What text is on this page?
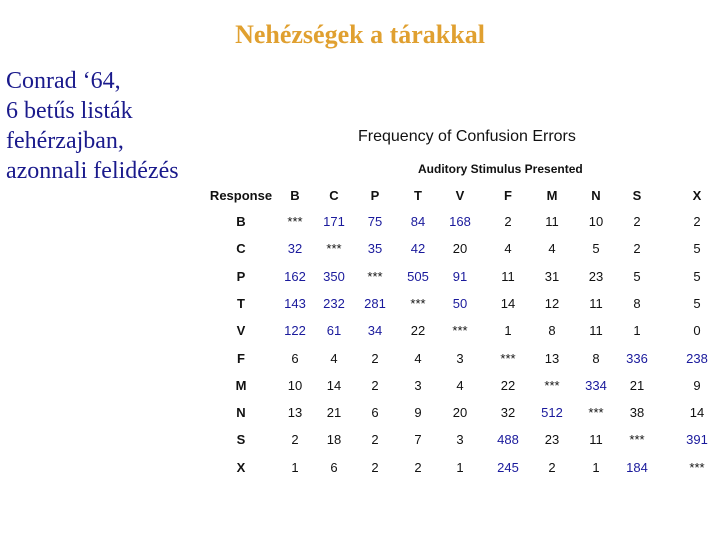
Nehézségek a tárakkal
Conrad ‘64,
6 betűs listák
fehérzajban,
azonnali felidézés
Frequency of Confusion Errors
Auditory Stimulus Presented
Response B C P	T	V	F	M	N S	X
B	*** 171 75 84 168	2	11 10 2	2
C	32 *** 35 42 20	4	4	5	2	5
P	162 350 *** 505 91	11 31 23 5	5
T	143 232 281 *** 50	14 12 11 8	5
V	122 61 34 22 ***	1	8	11 1	0
F	6 4	2	4	3	*** 13	8 336	238
M	10 14 2	3	4	22 *** 334 21	9
N	13 21 6	9 20	32 512 *** 38	14
S	2 18 2	7	3	488 23 11 ***	391
X	1 6	2	2	1	245 2	1 184	***
